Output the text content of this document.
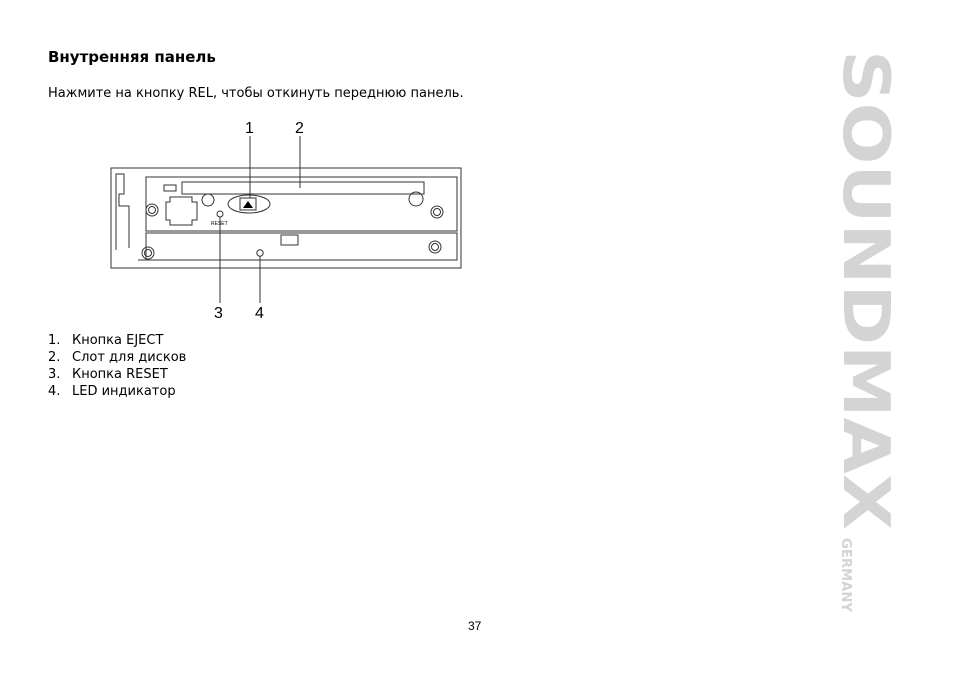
Внутренняя панель
Нажмите на кнопку REL, чтобы откинуть переднюю панель.
1	2
3 4
RESET
1. Кнопка EJECT
2. Слот для дисков
3. Кнопка RESET
4. LED индикатор
37
SOUNDMAX
GERMANY
